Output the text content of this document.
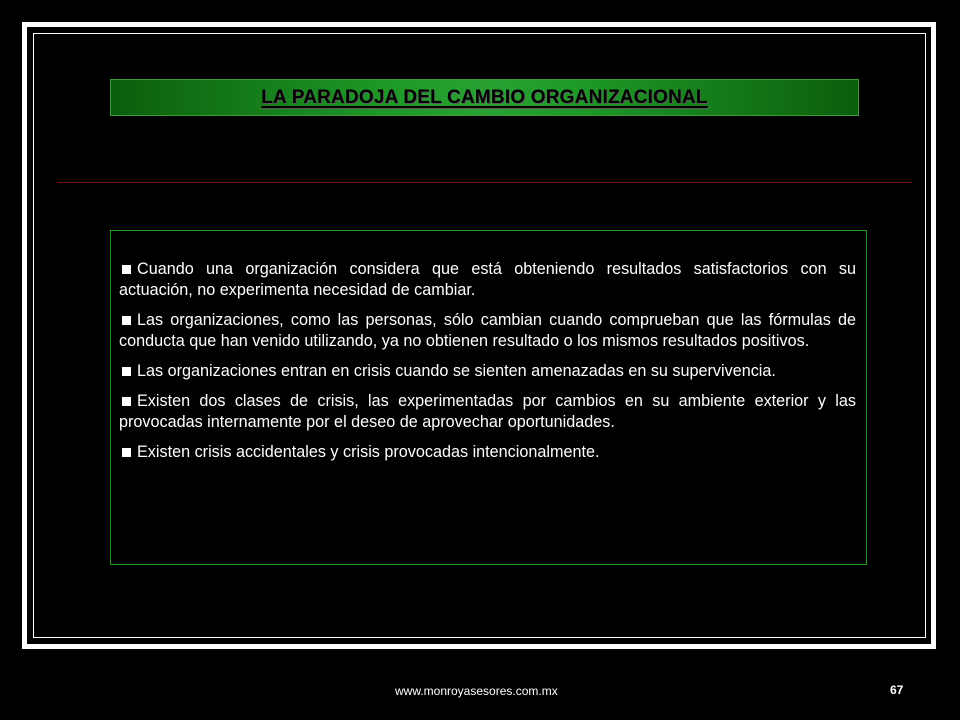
LA PARADOJA DEL CAMBIO ORGANIZACIONAL
Cuando una organización considera que está obteniendo resultados satisfactorios con su actuación, no experimenta necesidad de cambiar.
Las organizaciones, como las personas, sólo cambian cuando comprueban que las fórmulas de conducta que han venido utilizando, ya no obtienen resultado o los mismos resultados positivos.
Las organizaciones entran en crisis cuando se sienten amenazadas en su supervivencia.
Existen dos clases de crisis, las experimentadas por cambios en su ambiente exterior y las provocadas internamente por el deseo de aprovechar oportunidades.
Existen crisis accidentales y crisis provocadas intencionalmente.
www.monroyasesores.com.mx	67
